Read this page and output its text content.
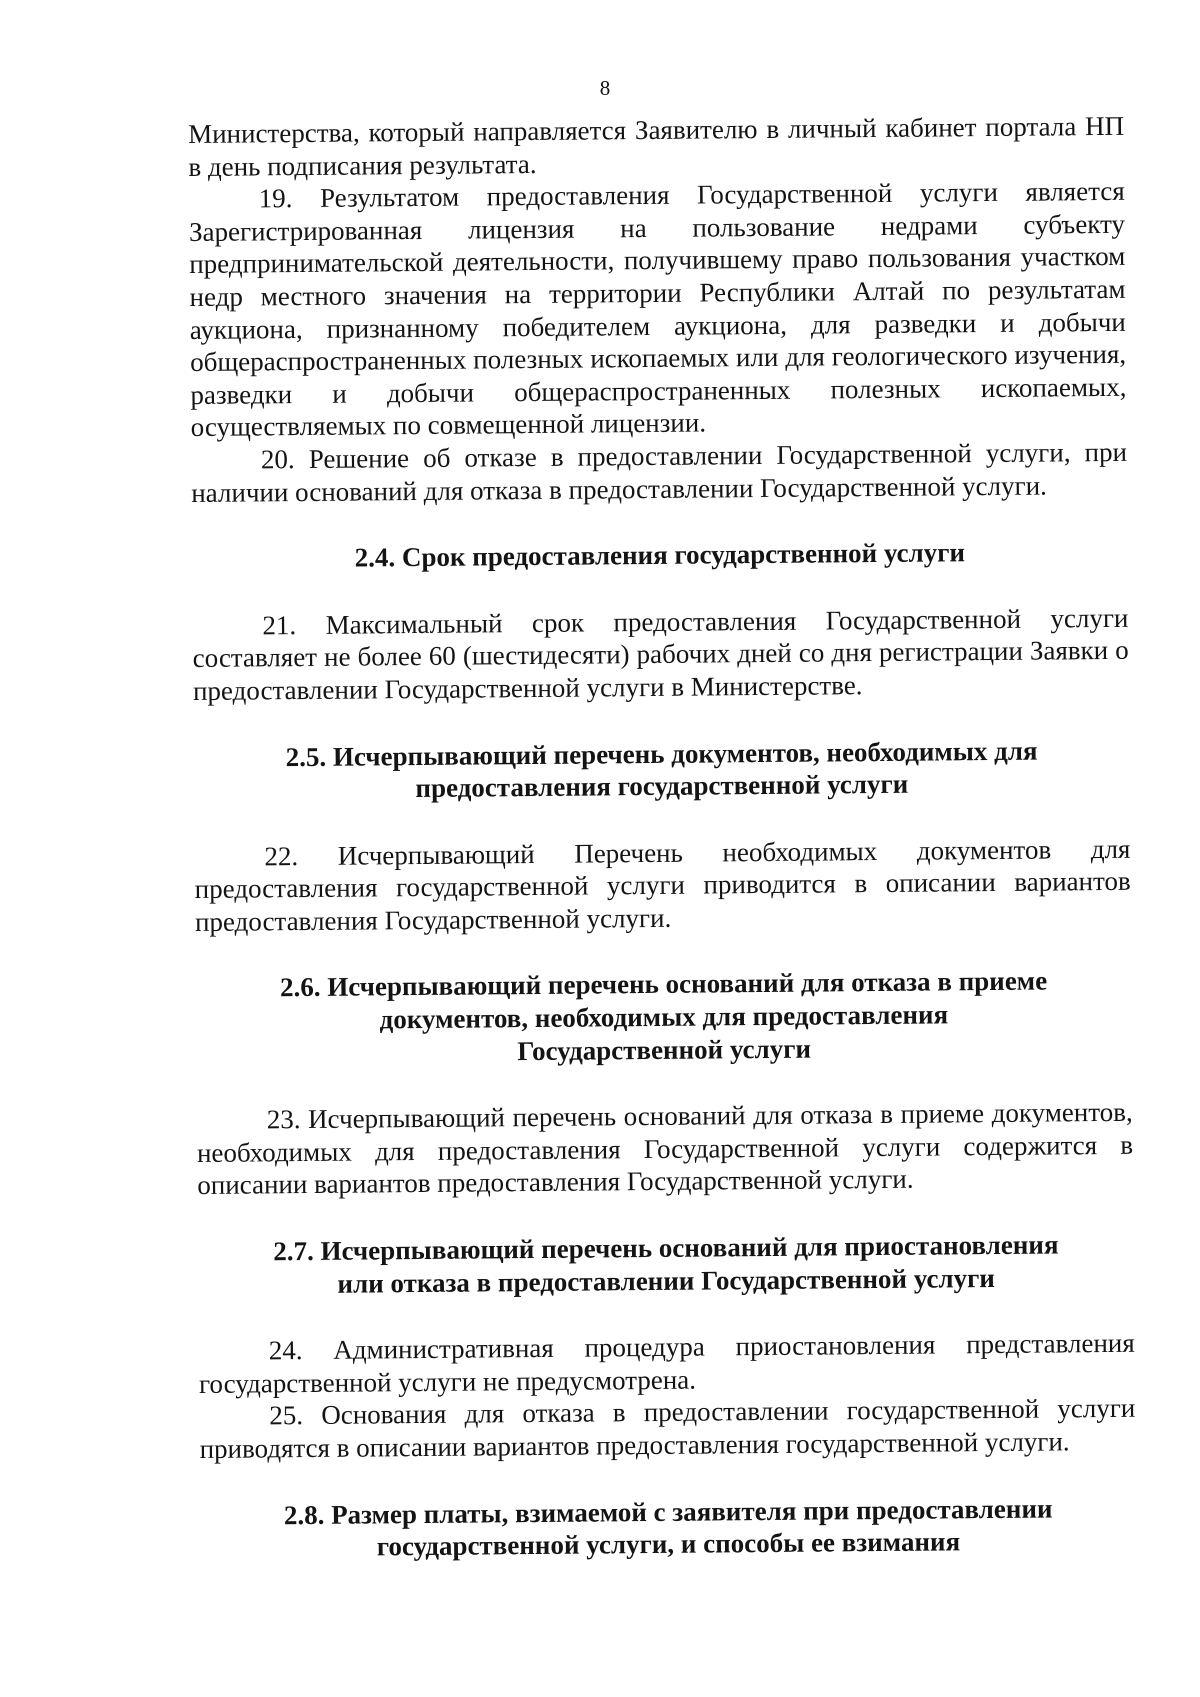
8

Министерства, который направляется Заявителю в личный кабинет портала НП в день подписания результата.

19. Результатом предоставления Государственной услуги является Зарегистрированная лицензия на пользование недрами субъекту предпринимательской деятельности, получившему право пользования участком недр местного значения на территории Республики Алтай по результатам аукциона, признанному победителем аукциона, для разведки и добычи общераспространенных полезных ископаемых или для геологического изучения, разведки и добычи общераспространенных полезных ископаемых, осуществляемых по совмещенной лицензии.

20. Решение об отказе в предоставлении Государственной услуги, при наличии оснований для отказа в предоставлении Государственной услуги.

2.4. Срок предоставления государственной услуги

21. Максимальный срок предоставления Государственной услуги составляет не более 60 (шестидесяти) рабочих дней со дня регистрации Заявки о предоставлении Государственной услуги в Министерстве.

2.5. Исчерпывающий перечень документов, необходимых для
предоставления государственной услуги

22. Исчерпывающий Перечень необходимых документов для предоставления государственной услуги приводится в описании вариантов предоставления Государственной услуги.

2.6. Исчерпывающий перечень оснований для отказа в приеме
документов, необходимых для предоставления
Государственной услуги

23. Исчерпывающий перечень оснований для отказа в приеме документов, необходимых для предоставления Государственной услуги содержится в описании вариантов предоставления Государственной услуги.

2.7. Исчерпывающий перечень оснований для приостановления
или отказа в предоставлении Государственной услуги

24. Административная процедура приостановления представления государственной услуги не предусмотрена.

25. Основания для отказа в предоставлении государственной услуги приводятся в описании вариантов предоставления государственной услуги.

2.8. Размер платы, взимаемой с заявителя при предоставлении
государственной услуги, и способы ее взимания
